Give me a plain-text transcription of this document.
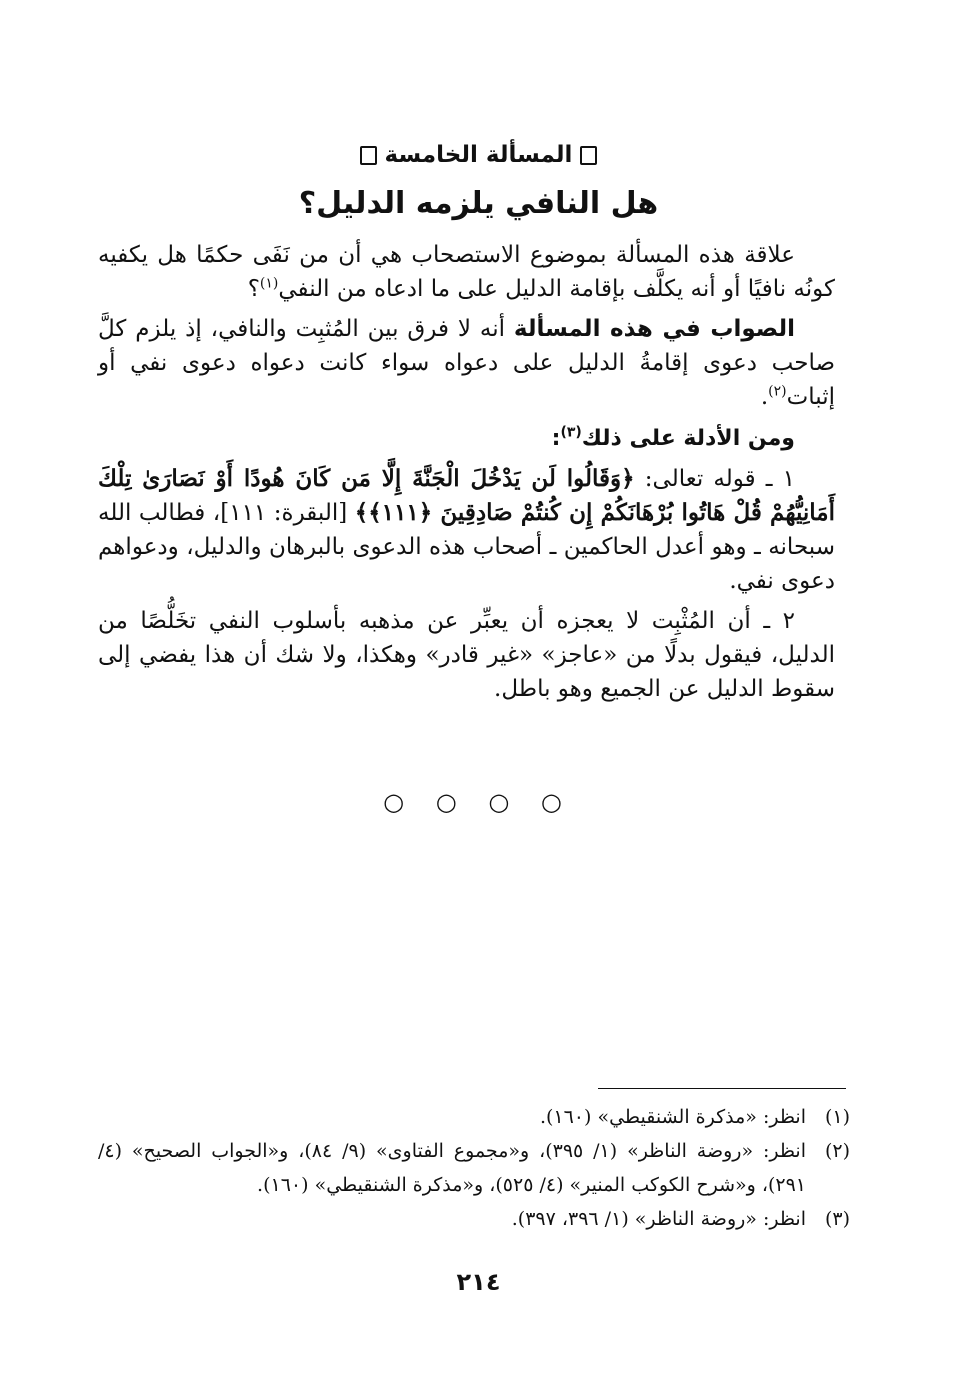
المسألة الخامسة
هل النافي يلزمه الدليل؟

علاقة هذه المسألة بموضوع الاستصحاب هي أن من نَفَى حكمًا هل يكفيه كونُه نافيًا أو أنه يكلَّف بإقامة الدليل على ما ادعاه من النفي$^{(١)}$؟

الصواب في هذه المسألة أنه لا فرق بين المُثبِت والنافي، إذ يلزم كلَّ صاحب دعوى إقامةُ الدليل على دعواه سواء كانت دعواه دعوى نفي أو إثبات$^{(٢)}$.

ومن الأدلة على ذلك$^{(٣)}$:

١ ـ قوله تعالى: ﴿وَقَالُوا لَن يَدْخُلَ الْجَنَّةَ إِلَّا مَن كَانَ هُودًا أَوْ نَصَارَىٰ تِلْكَ أَمَانِيُّهُمْ قُلْ هَاتُوا بُرْهَانَكُمْ إِن كُنتُمْ صَادِقِينَ ﴿١١١﴾﴾ [البقرة: ١١١]، فطالب الله سبحانه ـ وهو أعدل الحاكمين ـ أصحاب هذه الدعوى بالبرهان والدليل، ودعواهم دعوى نفي.

٢ ـ أن المُثْبِت لا يعجزه أن يعبِّر عن مذهبه بأسلوب النفي تخَلُّصًا من الدليل، فيقول بدلًا من «عاجز» «غير قادر» وهكذا، ولا شك أن هذا يفضي إلى سقوط الدليل عن الجميع وهو باطل.

○ ○ ○ ○
(١)
انظر: «مذكرة الشنقيطي» (١٦٠).
(٢)
انظر: «روضة الناظر» (١/ ٣٩٥)، و«مجموع الفتاوى» (٩/ ٨٤)، و«الجواب الصحيح» (٤/ ٢٩١)، و«شرح الكوكب المنير» (٤/ ٥٢٥)، و«مذكرة الشنقيطي» (١٦٠).
(٣)
انظر: «روضة الناظر» (١/ ٣٩٦، ٣٩٧).
٢١٤
